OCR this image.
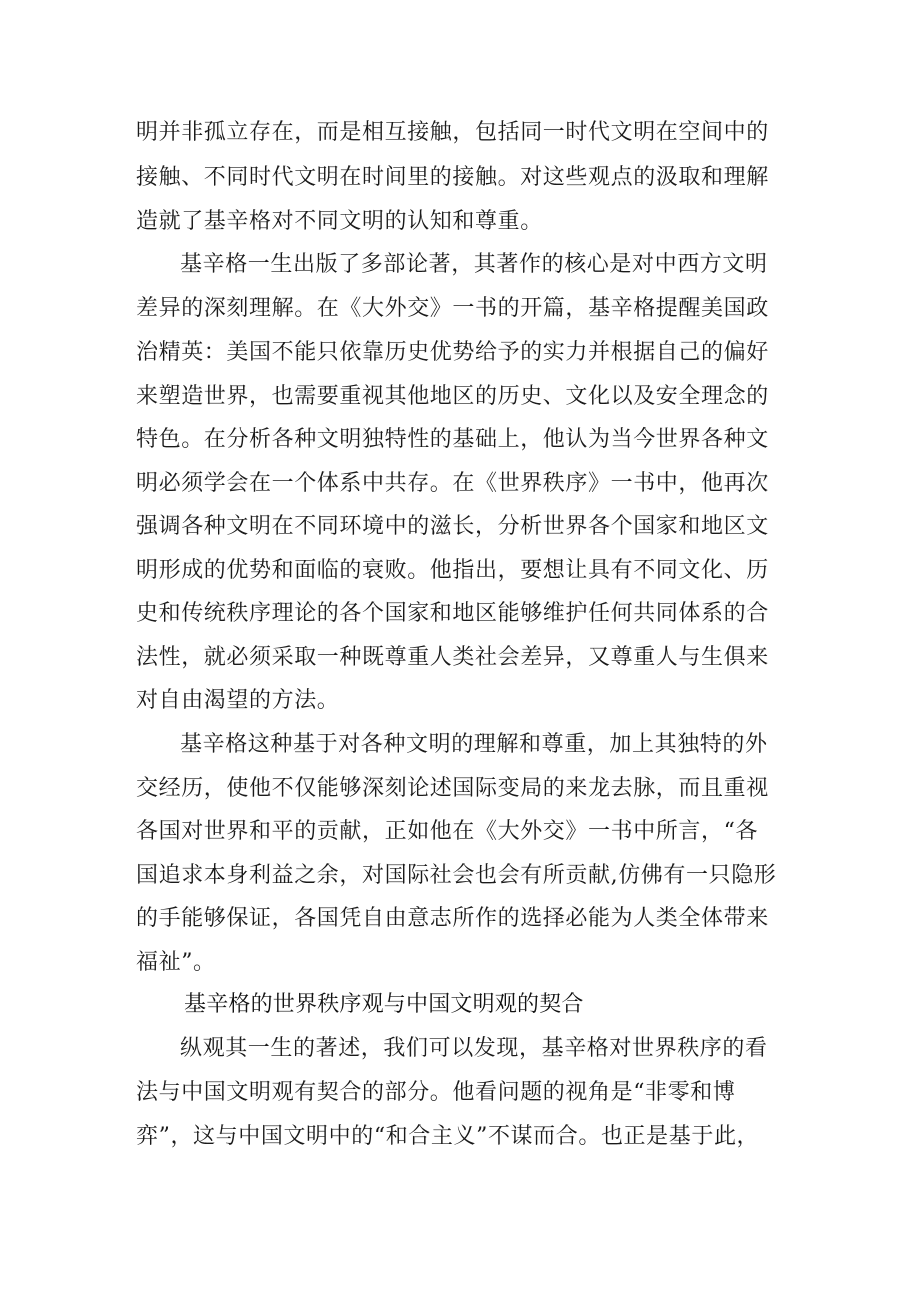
明并非孤立存在，而是相互接触，包括同一时代文明在空间中的
接触、不同时代文明在时间里的接触。对这些观点的汲取和理解
造就了基辛格对不同文明的认知和尊重。
基辛格一生出版了多部论著，其著作的核心是对中西方文明
差异的深刻理解。在《大外交》一书的开篇，基辛格提醒美国政
治精英：美国不能只依靠历史优势给予的实力并根据自己的偏好
来塑造世界，也需要重视其他地区的历史、文化以及安全理念的
特色。在分析各种文明独特性的基础上，他认为当今世界各种文
明必须学会在一个体系中共存。在《世界秩序》一书中，他再次
强调各种文明在不同环境中的滋长，分析世界各个国家和地区文
明形成的优势和面临的衰败。他指出，要想让具有不同文化、历
史和传统秩序理论的各个国家和地区能够维护任何共同体系的合
法性，就必须采取一种既尊重人类社会差异，又尊重人与生俱来
对自由渴望的方法。
基辛格这种基于对各种文明的理解和尊重，加上其独特的外
交经历，使他不仅能够深刻论述国际变局的来龙去脉，而且重视
各国对世界和平的贡献，正如他在《大外交》一书中所言，“各
国追求本身利益之余，对国际社会也会有所贡献,仿佛有一只隐形
的手能够保证，各国凭自由意志所作的选择必能为人类全体带来
福祉”。
基辛格的世界秩序观与中国文明观的契合
纵观其一生的著述，我们可以发现，基辛格对世界秩序的看
法与中国文明观有契合的部分。他看问题的视角是“非零和博
弈”，这与中国文明中的“和合主义”不谋而合。也正是基于此，
